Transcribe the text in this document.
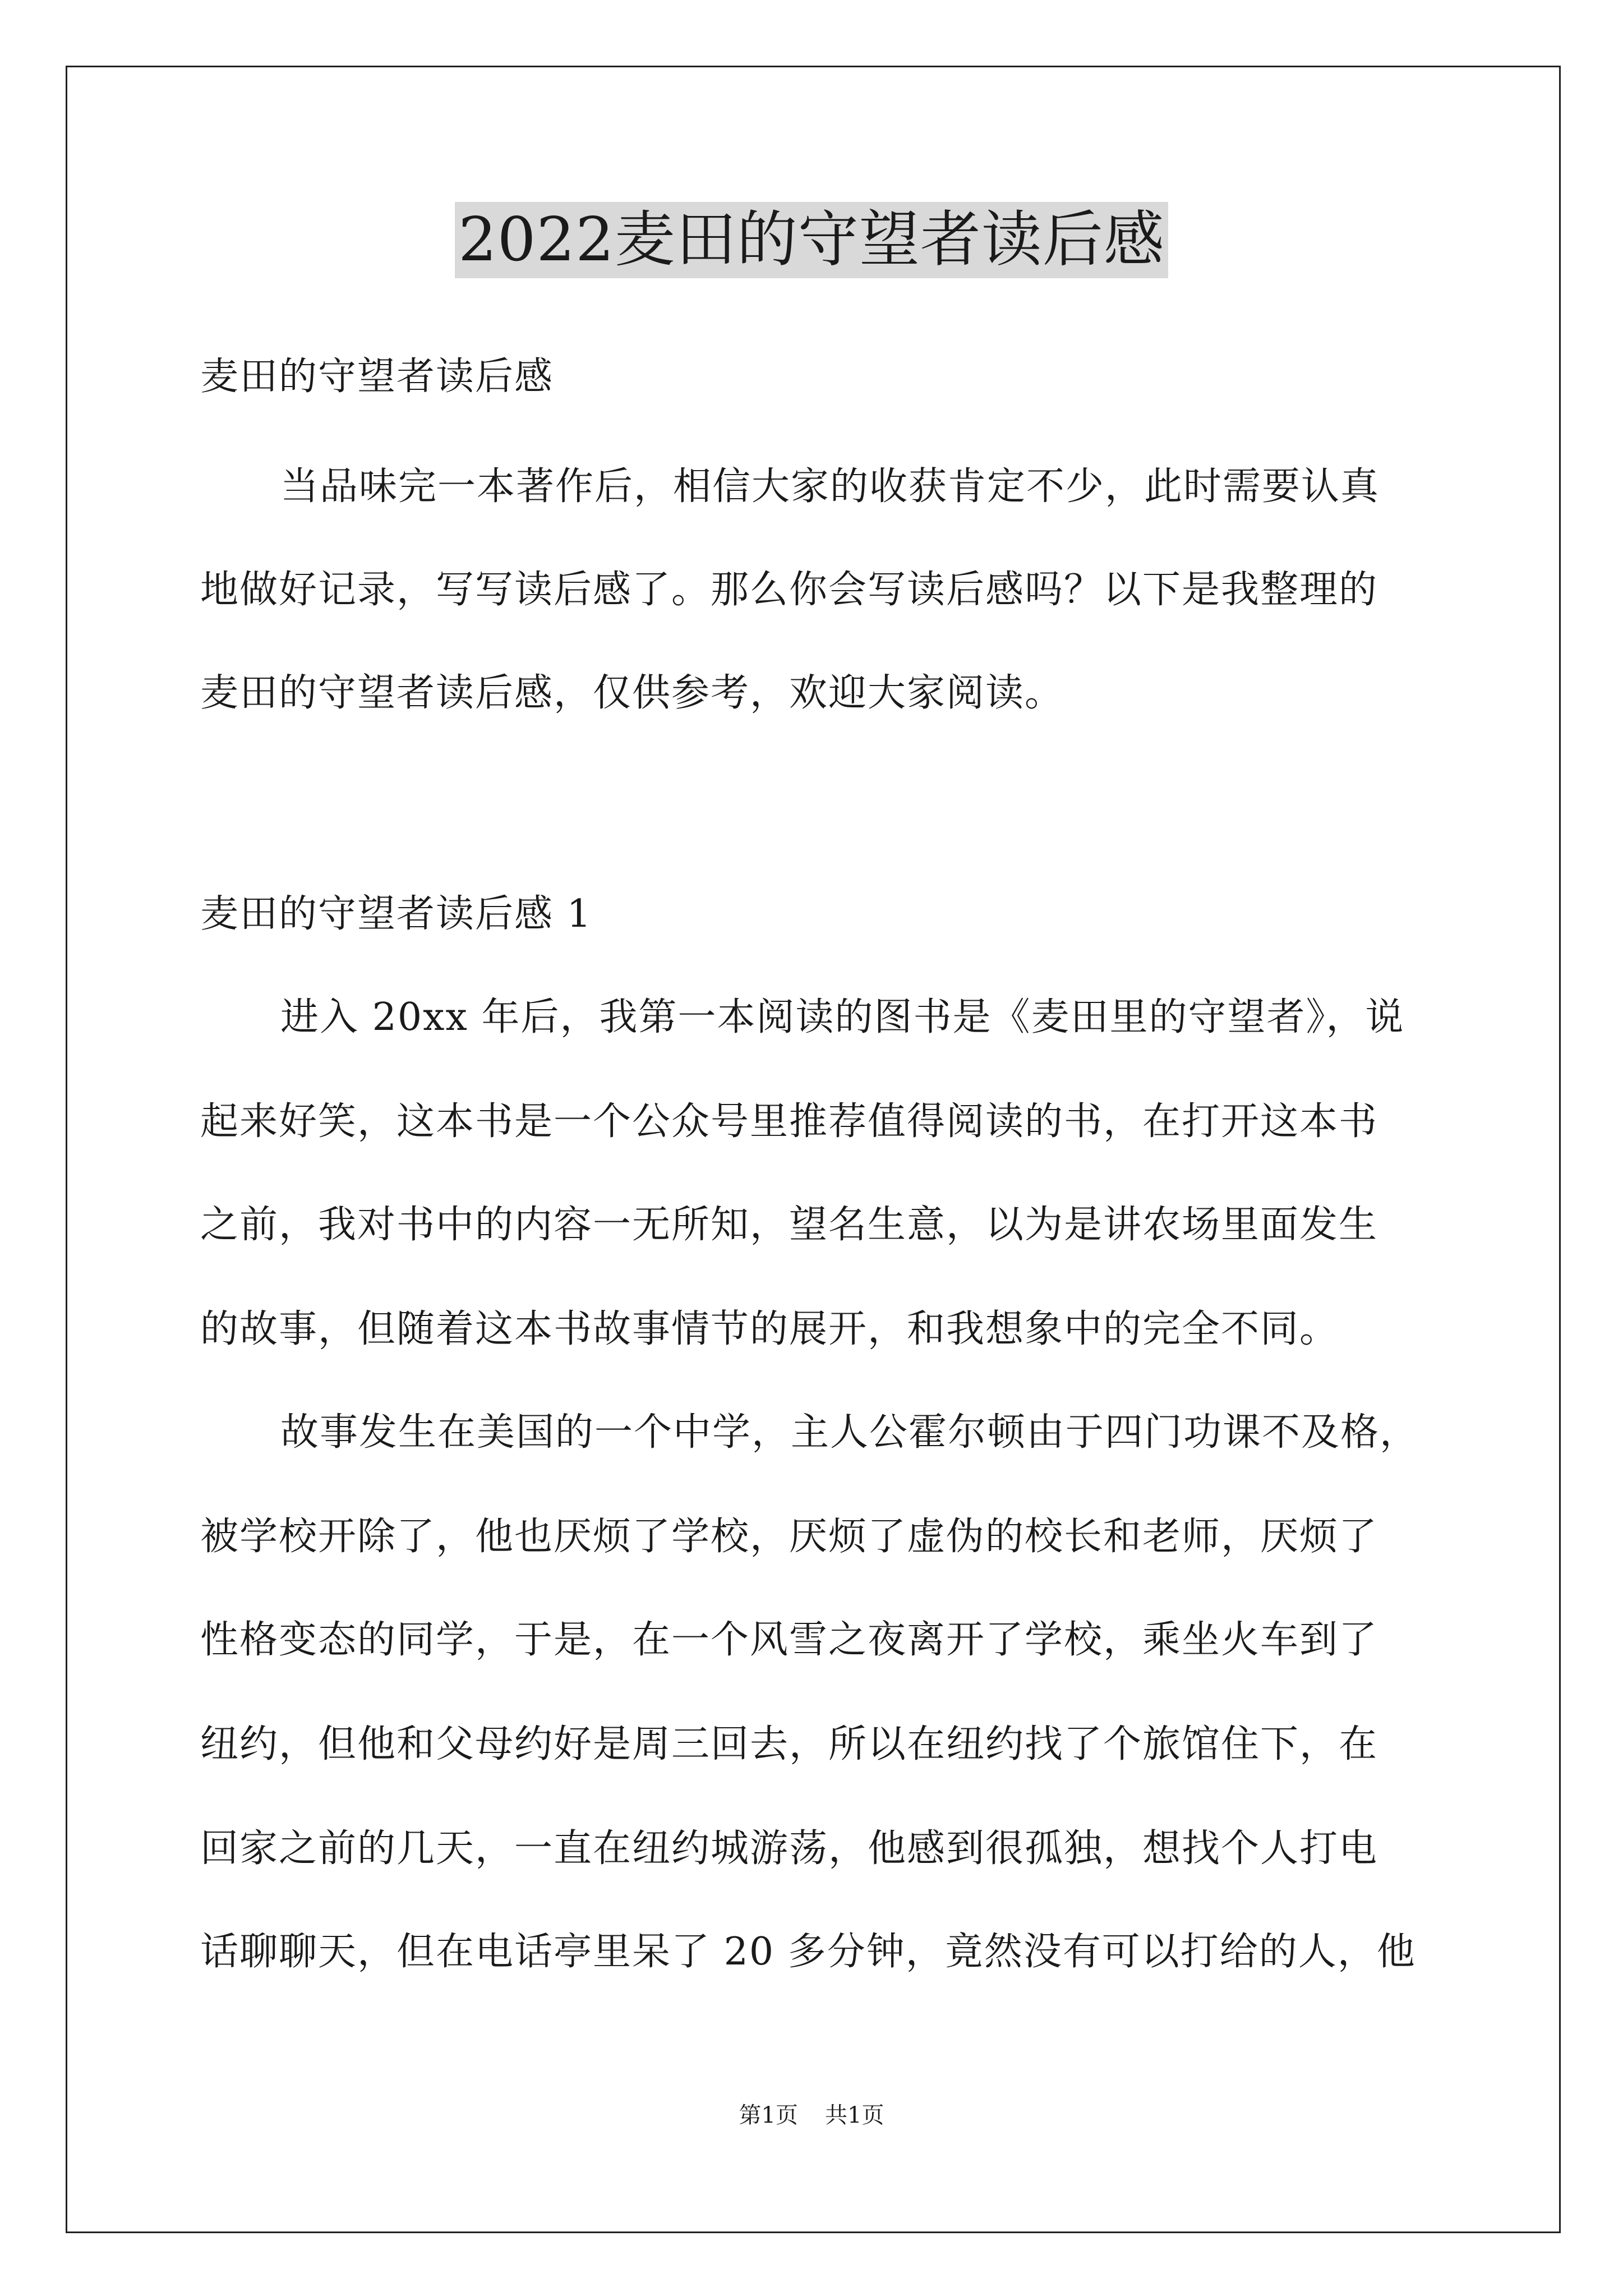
2022麦田的守望者读后感
麦田的守望者读后感
当品味完一本著作后，相信大家的收获肯定不少，此时需要认真
地做好记录，写写读后感了。那么你会写读后感吗？以下是我整理的
麦田的守望者读后感，仅供参考，欢迎大家阅读。
麦田的守望者读后感 1
进入 20xx 年后，我第一本阅读的图书是《麦田里的守望者》，说
起来好笑，这本书是一个公众号里推荐值得阅读的书，在打开这本书
之前，我对书中的内容一无所知，望名生意，以为是讲农场里面发生
的故事，但随着这本书故事情节的展开，和我想象中的完全不同。
故事发生在美国的一个中学，主人公霍尔顿由于四门功课不及格，
被学校开除了，他也厌烦了学校，厌烦了虚伪的校长和老师，厌烦了
性格变态的同学，于是，在一个风雪之夜离开了学校，乘坐火车到了
纽约，但他和父母约好是周三回去，所以在纽约找了个旅馆住下，在
回家之前的几天，一直在纽约城游荡，他感到很孤独，想找个人打电
话聊聊天，但在电话亭里呆了 20 多分钟，竟然没有可以打给的人，他
第1页 共1页
